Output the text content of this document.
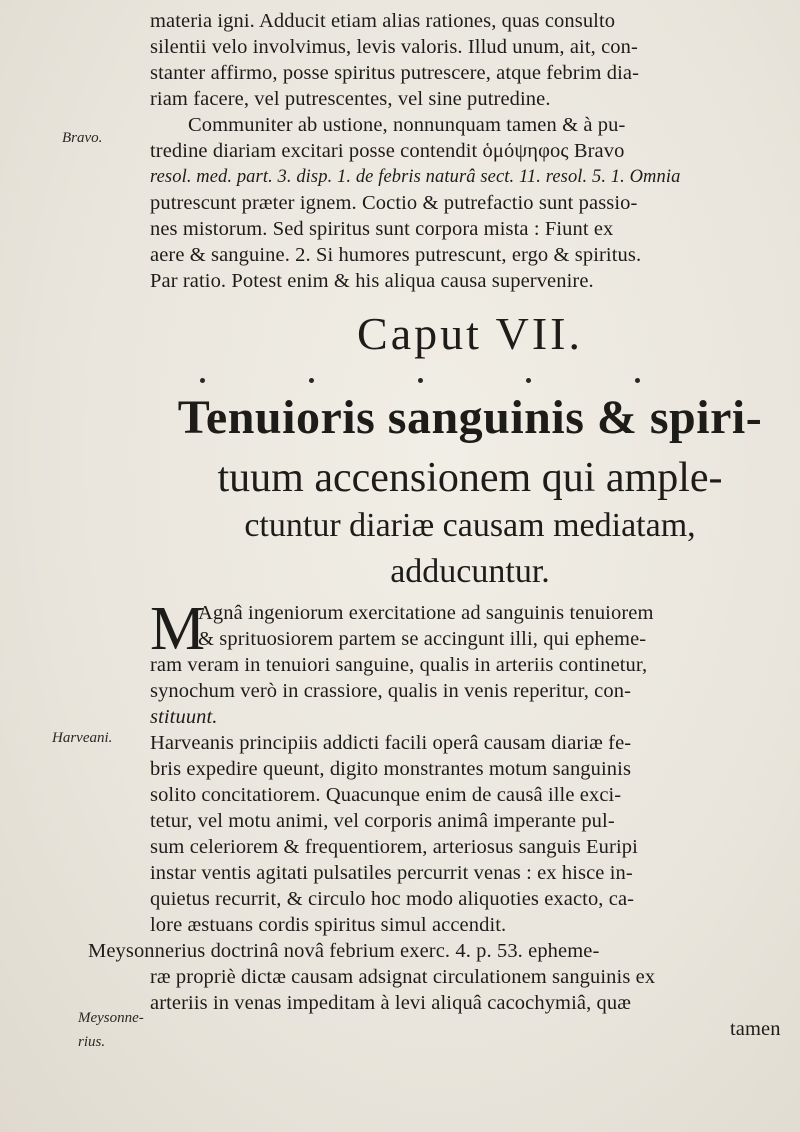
Bravo.
Harveani.
Meysonne-
rius.
materia igni. Adducit etiam alias rationes, quas consulto
silentii velo involvimus, levis valoris. Illud unum, ait, con-
stanter affirmo, posse spiritus putrescere, atque febrim dia-
riam facere, vel putrescentes, vel sine putredine.
Communiter ab ustione, nonnunquam tamen & à pu-
tredine diariam excitari posse contendit ὁμόψηφος Bravo
resol. med. part. 3. disp. 1. de febris naturâ sect. 11. resol. 5. 1. Omnia
putrescunt præter ignem. Coctio & putrefactio sunt passio-
nes mistorum. Sed spiritus sunt corpora mista : Fiunt ex
aere & sanguine. 2. Si humores putrescunt, ergo & spiritus.
Par ratio. Potest enim & his aliqua causa supervenire.
Caput VII.
Tenuioris sanguinis & spiri-
tuum accensionem qui ample-
ctuntur diariæ causam mediatam,
adducuntur.
M
Agnâ ingeniorum exercitatione ad sanguinis tenuiorem
& sprituosiorem partem se accingunt illi, qui epheme-
ram veram in tenuiori sanguine, qualis in arteriis continetur,
synochum verò in crassiore, qualis in venis reperitur, con-
stituunt.
Harveanis principiis addicti facili operâ causam diariæ fe-
bris expedire queunt, digito monstrantes motum sanguinis
solito concitatiorem. Quacunque enim de causâ ille exci-
tetur, vel motu animi, vel corporis animâ imperante pul-
sum celeriorem & frequentiorem, arteriosus sanguis Euripi
instar ventis agitati pulsatiles percurrit venas : ex hisce in-
quietus recurrit, & circulo hoc modo aliquoties exacto, ca-
lore æstuans cordis spiritus simul accendit.
Meysonnerius doctrinâ novâ febrium exerc. 4. p. 53. epheme-
ræ propriè dictæ causam adsignat circulationem sanguinis ex
arteriis in venas impeditam à levi aliquâ cacochymiâ, quæ
tamen
